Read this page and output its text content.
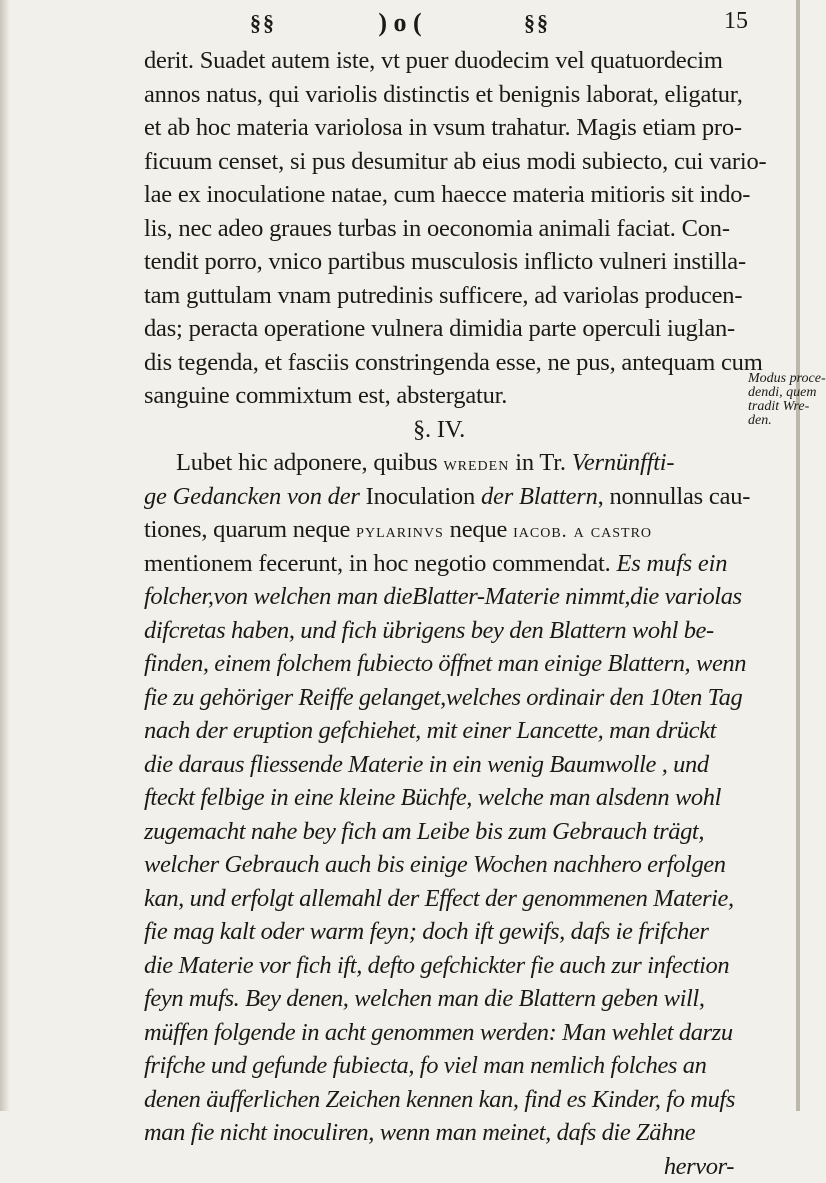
§§	) o (	§§	15
derit. Suadet autem iste, vt puer duodecim vel quatuordecim
annos natus, qui variolis distinctis et benignis laborat, eligatur,
et ab hoc materia variolosa in vsum trahatur. Magis etiam pro-
ficuum censet, si pus desumitur ab eius modi subiecto, cui vario-
lae ex inoculatione natae, cum haecce materia mitioris sit indo-
lis, nec adeo graues turbas in oeconomia animali faciat. Con-
tendit porro, vnico partibus musculosis inflicto vulneri instilla-
tam guttulam vnam putredinis sufficere, ad variolas producen-
das; peracta operatione vulnera dimidia parte operculi iuglan-
dis tegenda, et fasciis constringenda esse, ne pus, antequam cum
sanguine commixtum est, abstergatur.
§. IV.
Lubet hic adponere, quibus wreden in Tr. Vernünffti-
ge Gedancken von der Inoculation der Blattern, nonnullas cau-
tiones, quarum neque pylarinvs neque iacob. a castro
mentionem fecerunt, in hoc negotio commendat. Es mufs ein
folcher,von welchen man dieBlatter-Materie nimmt,die variolas
difcretas haben, und fich übrigens bey den Blattern wohl be-
finden, einem folchem fubiecto öffnet man einige Blattern, wenn
fie zu gehöriger Reiffe gelanget,welches ordinair den 10ten Tag
nach der eruption gefchiehet, mit einer Lancette, man drückt
die daraus fliessende Materie in ein wenig Baumwolle , und
fteckt felbige in eine kleine Büchfe, welche man alsdenn wohl
zugemacht nahe bey fich am Leibe bis zum Gebrauch trägt,
welcher Gebrauch auch bis einige Wochen nachhero erfolgen
kan, und erfolgt allemahl der Effect der genommenen Materie,
fie mag kalt oder warm feyn; doch ift gewifs, dafs ie frifcher
die Materie vor fich ift, defto gefchickter fie auch zur infection
feyn mufs. Bey denen, welchen man die Blattern geben will,
müffen folgende in acht genommen werden: Man wehlet darzu
frifche und gefunde fubiecta, fo viel man nemlich folches an
denen äufferlichen Zeichen kennen kan, find es Kinder, fo mufs
man fie nicht inoculiren, wenn man meinet, dafs die Zähne
hervor-
Modus proce-
dendi, quem
tradit Wre-
den.
